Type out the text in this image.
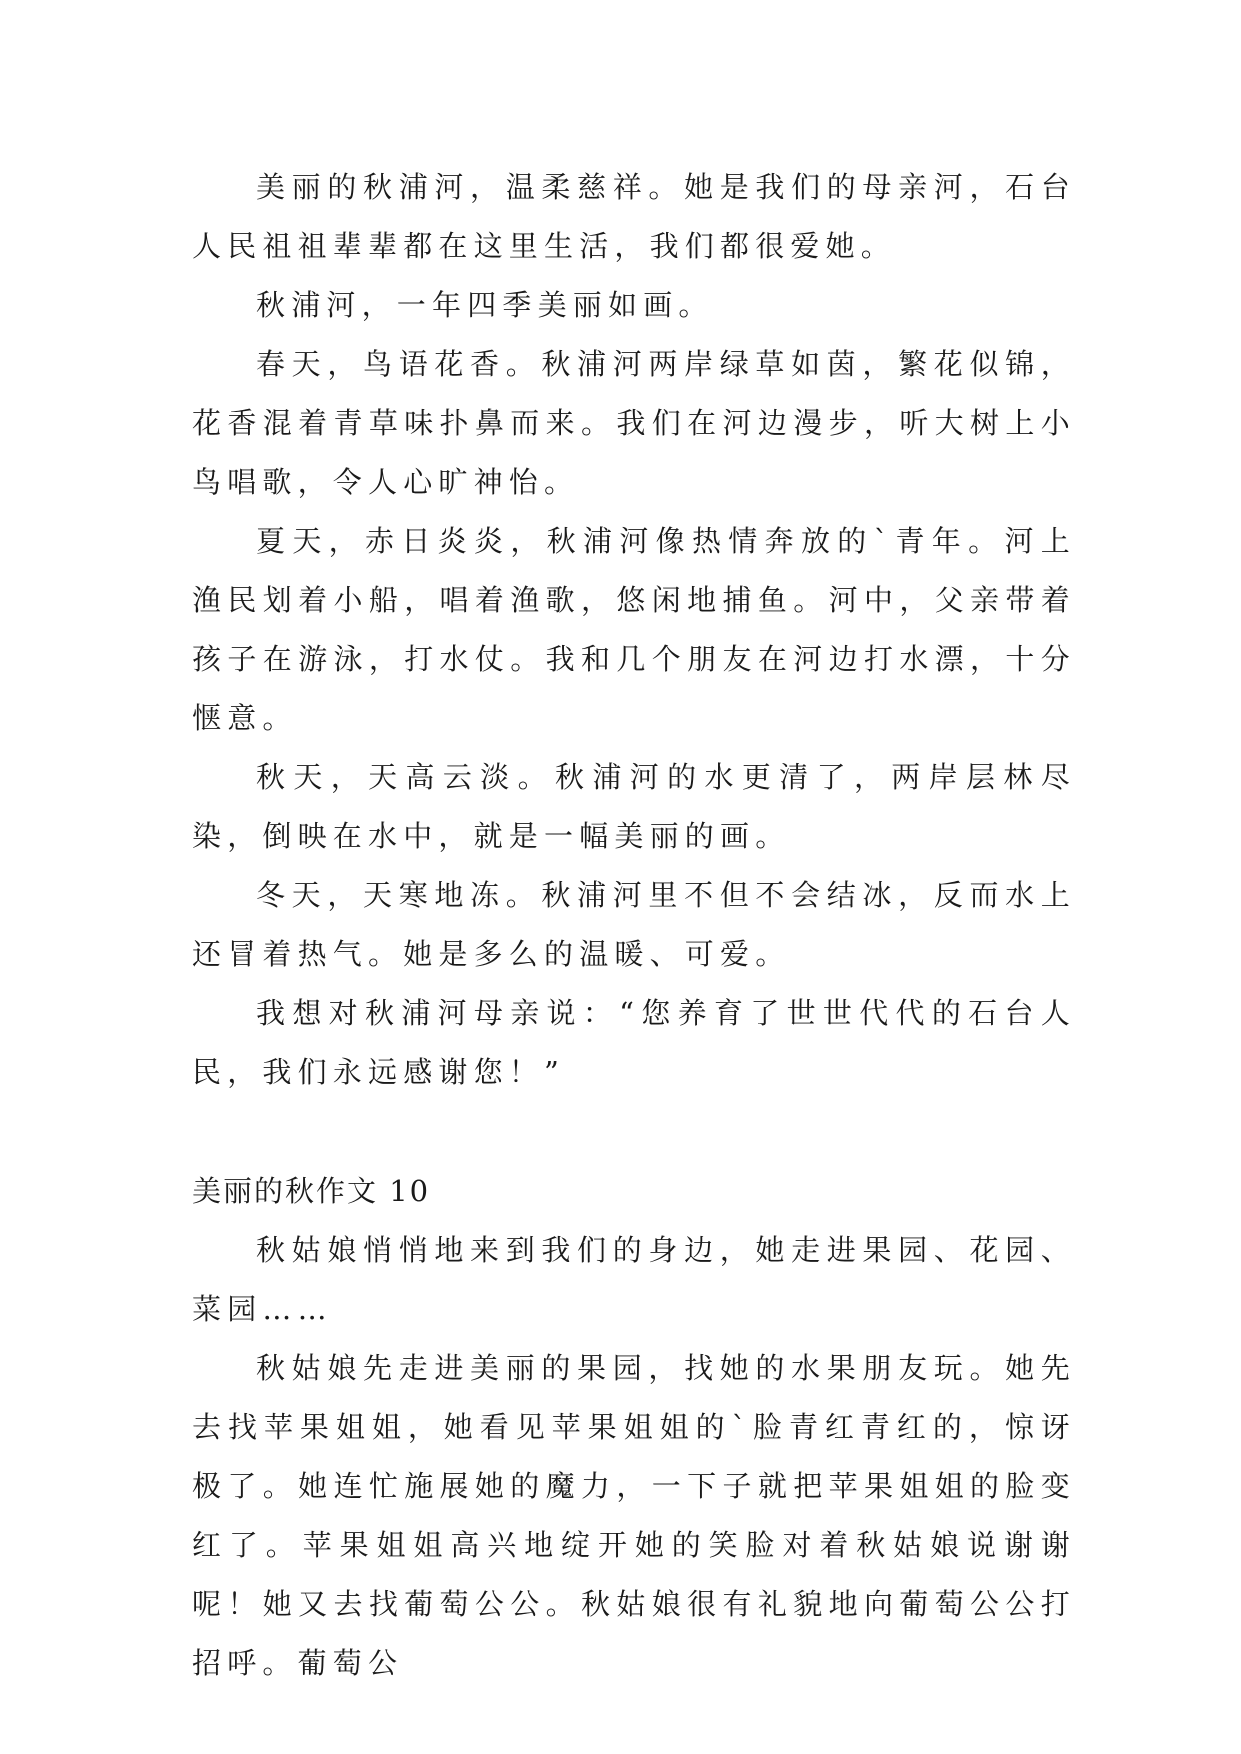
美丽的秋浦河，温柔慈祥。她是我们的母亲河，石台人民祖祖辈辈都在这里生活，我们都很爱她。

秋浦河，一年四季美丽如画。

春天，鸟语花香。秋浦河两岸绿草如茵，繁花似锦，花香混着青草味扑鼻而来。我们在河边漫步，听大树上小鸟唱歌，令人心旷神怡。

夏天，赤日炎炎，秋浦河像热情奔放的`青年。河上渔民划着小船，唱着渔歌，悠闲地捕鱼。河中，父亲带着孩子在游泳，打水仗。我和几个朋友在河边打水漂，十分惬意。

秋天，天高云淡。秋浦河的水更清了，两岸层林尽染，倒映在水中，就是一幅美丽的画。

冬天，天寒地冻。秋浦河里不但不会结冰，反而水上还冒着热气。她是多么的温暖、可爱。

我想对秋浦河母亲说：“您养育了世世代代的石台人民，我们永远感谢您！”

美丽的秋作文 10

秋姑娘悄悄地来到我们的身边，她走进果园、花园、菜园……

秋姑娘先走进美丽的果园，找她的水果朋友玩。她先去找苹果姐姐，她看见苹果姐姐的`脸青红青红的，惊讶极了。她连忙施展她的魔力，一下子就把苹果姐姐的脸变红了。苹果姐姐高兴地绽开她的笑脸对着秋姑娘说谢谢呢！她又去找葡萄公公。秋姑娘很有礼貌地向葡萄公公打招呼。葡萄公
